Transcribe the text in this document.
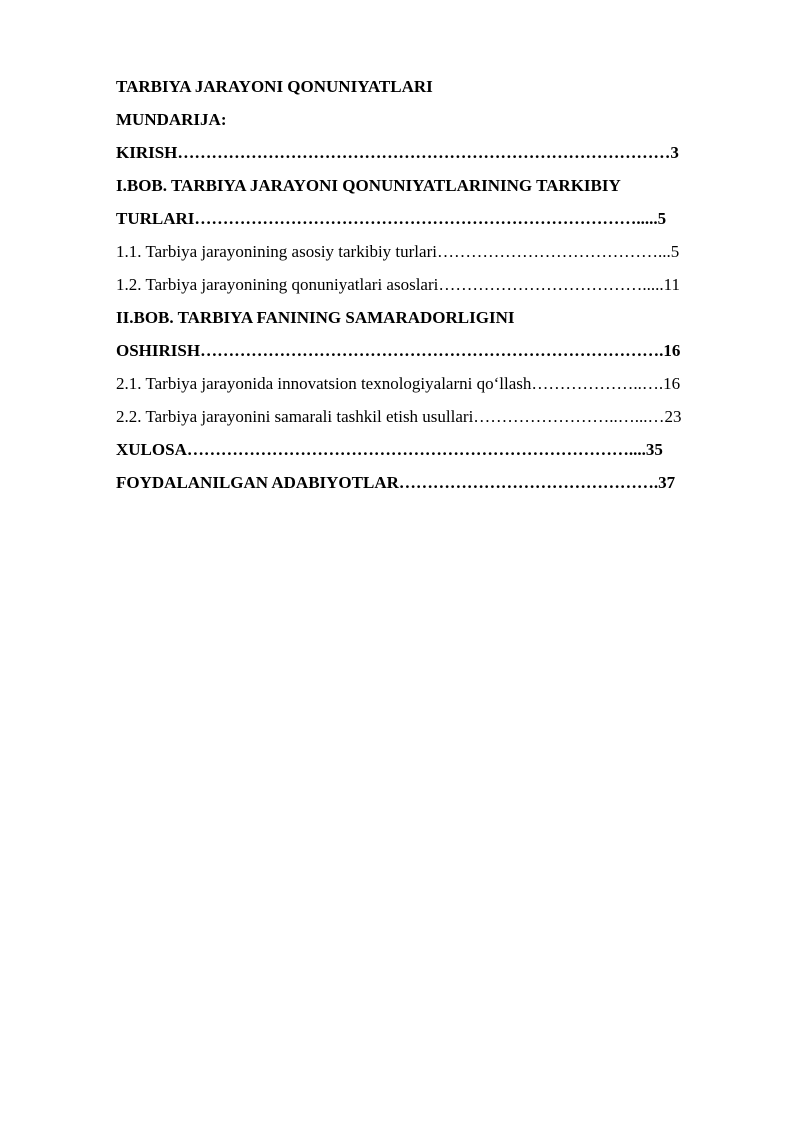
TARBIYA JARAYONI QONUNIYATLARI
MUNDARIJA:
KIRISH……………………………………………………………………………3
I.BOB. TARBIYA JARAYONI QONUNIYATLARINING TARKIBIY
TURLARI…………………………………………………………………….....5
1.1. Tarbiya jarayonining asosiy tarkibiy turlari…………………………………...5
1.2. Tarbiya jarayonining qonuniyatlari asoslari……………………………….....11
II.BOB. TARBIYA FANINING SAMARADORLIGINI
OSHIRISH……………………………………………………………………….16
2.1. Tarbiya jarayonida innovatsion texnologiyalarni qo‘llash………………..….16
2.2. Tarbiya jarayonini samarali tashkil etish usullari……………………..…...…23
XULOSA……………………………………………………………………....35
FOYDALANILGAN ADABIYOTLAR……………………………………….37
